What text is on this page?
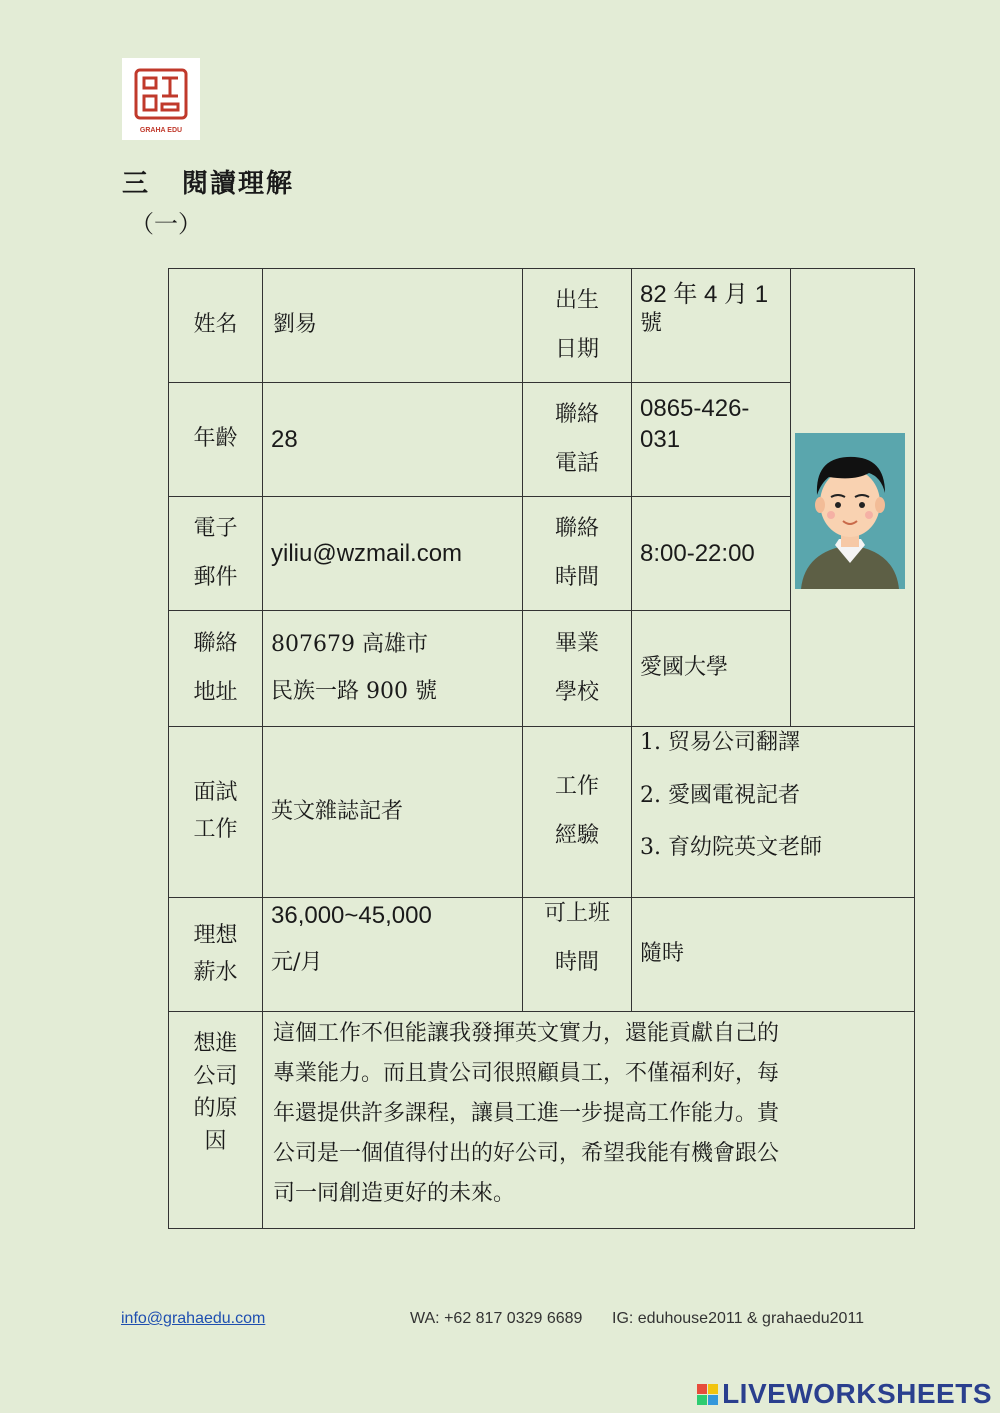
GRAHA EDU
三 閱讀理解
（一）
姓名 劉易
出生
日期
82 年 4 月 1
號
年齡 28
聯絡
電話
0865-426-
031
電子
郵件
yiliu@wzmail.com
聯絡
時間
8:00-22:00
聯絡
地址
807679 高雄市
民族一路 900 號
畢業
學校
愛國大學
面試
工作
英文雜誌記者
工作
經驗
1. 贸易公司翻譯
2. 愛國電視記者
3. 育幼院英文老師
理想
薪水
36,000~45,000
元/月
可上班
時間 隨時
想進
公司
的原
因
這個工作不但能讓我發揮英文實力，還能貢獻自己的
專業能力。而且貴公司很照顧員工，不僅福利好，每
年還提供許多課程，讓員工進一步提高工作能力。貴
公司是一個值得付出的好公司，希望我能有機會跟公
司一同創造更好的未來。
info@grahaedu.com	WA: +62 817 0329 6689 IG: eduhouse2011 & grahaedu2011
LIVEWORKSHEETS
